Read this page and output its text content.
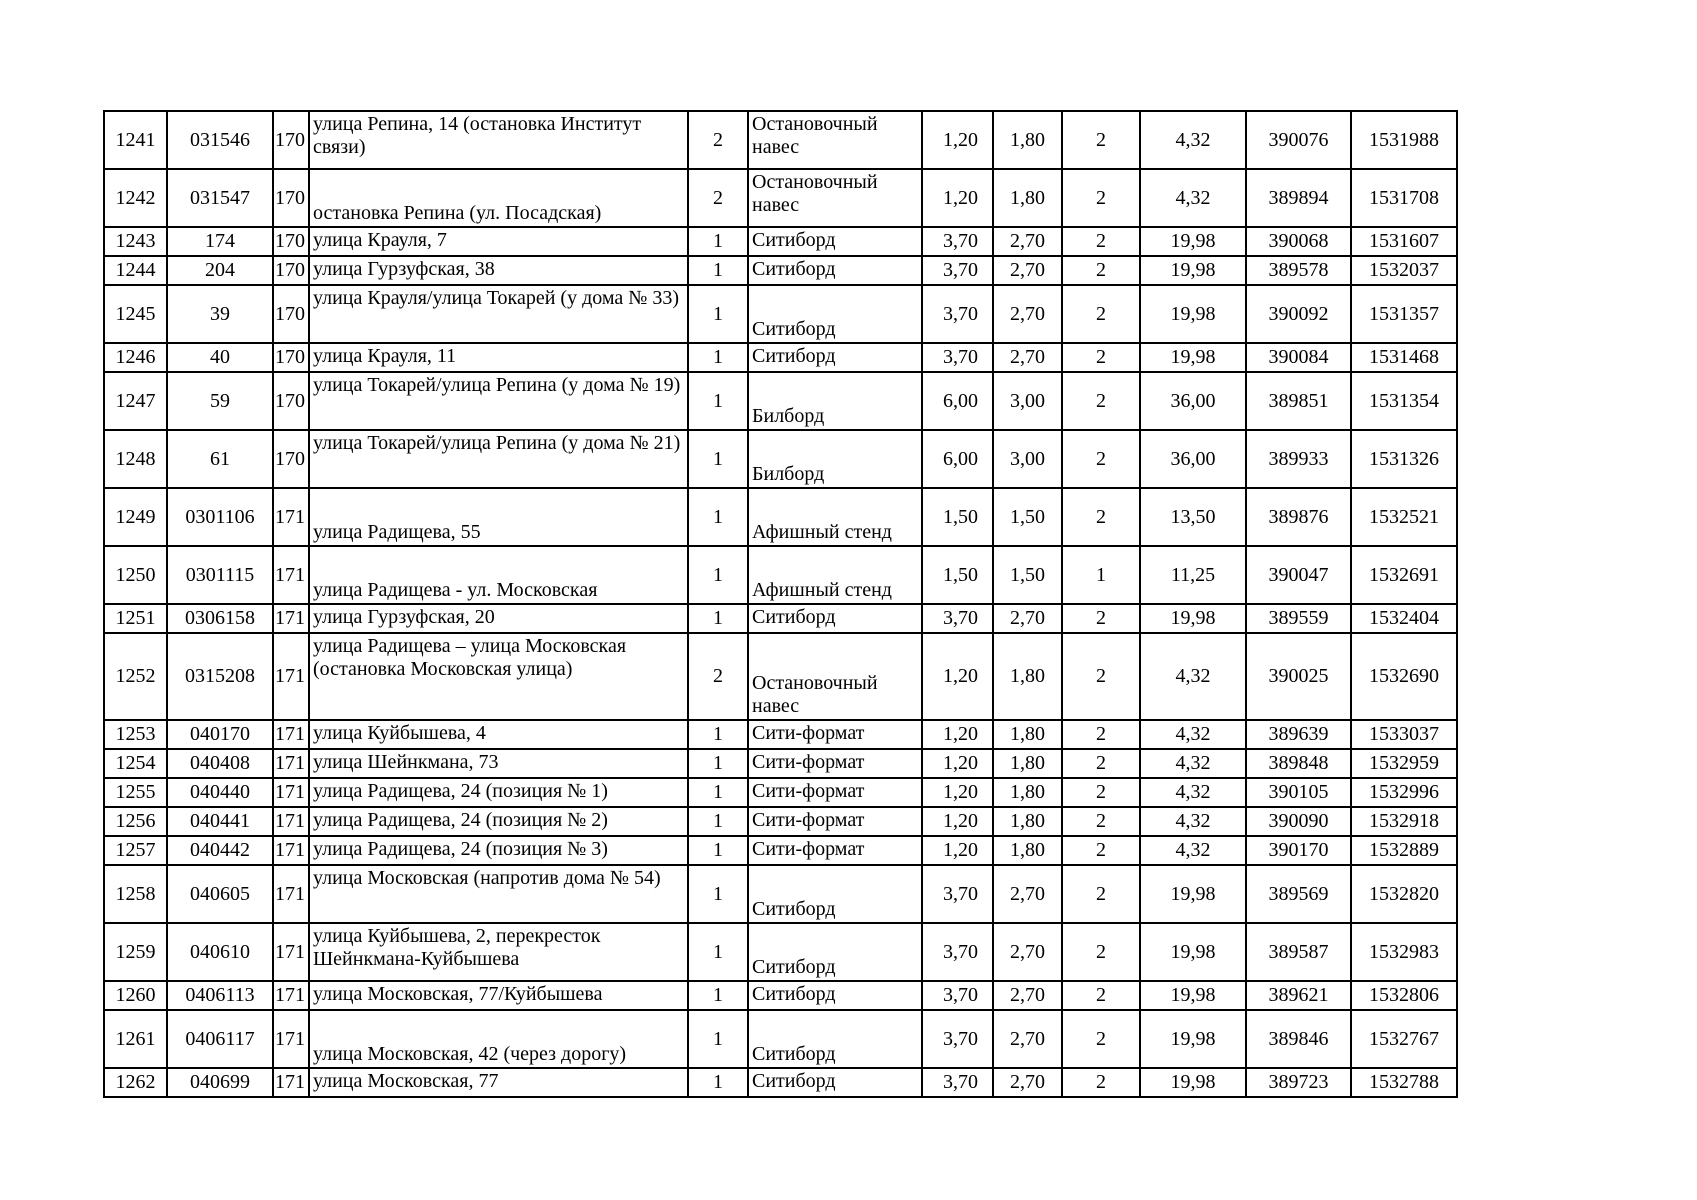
1241	031546	170	улица Репина, 14 (остановка Институт связи)	2	Остановочный навес	1,20	1,80	2	4,32	390076	1531988
1242	031547	170	остановка Репина (ул. Посадская)	2	Остановочный навес	1,20	1,80	2	4,32	389894	1531708
1243	174	170	улица Крауля, 7	1	Ситиборд	3,70	2,70	2	19,98	390068	1531607
1244	204	170	улица Гурзуфская, 38	1	Ситиборд	3,70	2,70	2	19,98	389578	1532037
1245	39	170	улица Крауля/улица Токарей (у дома № 33)	1	Ситиборд	3,70	2,70	2	19,98	390092	1531357
1246	40	170	улица Крауля, 11	1	Ситиборд	3,70	2,70	2	19,98	390084	1531468
1247	59	170	улица Токарей/улица Репина (у дома № 19)	1	Билборд	6,00	3,00	2	36,00	389851	1531354
1248	61	170	улица Токарей/улица Репина (у дома № 21)	1	Билборд	6,00	3,00	2	36,00	389933	1531326
1249	0301106	171	улица Радищева, 55	1	Афишный стенд	1,50	1,50	2	13,50	389876	1532521
1250	0301115	171	улица Радищева - ул. Московская	1	Афишный стенд	1,50	1,50	1	11,25	390047	1532691
1251	0306158	171	улица Гурзуфская, 20	1	Ситиборд	3,70	2,70	2	19,98	389559	1532404
1252	0315208	171	улица Радищева – улица Московская (остановка Московская улица)	2	Остановочный навес	1,20	1,80	2	4,32	390025	1532690
1253	040170	171	улица Куйбышева, 4	1	Сити-формат	1,20	1,80	2	4,32	389639	1533037
1254	040408	171	улица Шейнкмана, 73	1	Сити-формат	1,20	1,80	2	4,32	389848	1532959
1255	040440	171	улица Радищева, 24 (позиция № 1)	1	Сити-формат	1,20	1,80	2	4,32	390105	1532996
1256	040441	171	улица Радищева, 24 (позиция № 2)	1	Сити-формат	1,20	1,80	2	4,32	390090	1532918
1257	040442	171	улица Радищева, 24 (позиция № 3)	1	Сити-формат	1,20	1,80	2	4,32	390170	1532889
1258	040605	171	улица Московская (напротив дома № 54)	1	Ситиборд	3,70	2,70	2	19,98	389569	1532820
1259	040610	171	улица Куйбышева, 2, перекресток Шейнкмана-Куйбышева	1	Ситиборд	3,70	2,70	2	19,98	389587	1532983
1260	0406113	171	улица Московская, 77/Куйбышева	1	Ситиборд	3,70	2,70	2	19,98	389621	1532806
1261	0406117	171	улица Московская, 42 (через дорогу)	1	Ситиборд	3,70	2,70	2	19,98	389846	1532767
1262	040699	171	улица Московская, 77	1	Ситиборд	3,70	2,70	2	19,98	389723	1532788
